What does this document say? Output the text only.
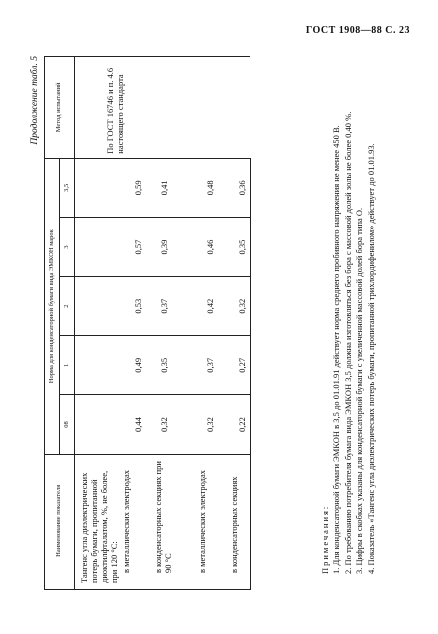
ГОСТ 1908—88 С. 23
Продолжение табл. 5
Наименование показателя	Норма для конденсаторной бумаги вида ЭМКОН марок					Метод испытаний
	08	1	2	3	3,5	

Тангенс угла диэлектрических потерь бумаги, пропитанной диоктилфталатом, %, не более, при 120 °С: в металлических электродах	0,44	0,49	0,53	0,57	0,59	По ГОСТ 16746 и п. 4.6 настоящего стандарта

в конденсаторных секциях при 90 °С	0,32	0,35	0,37	0,39	0,41	

в металлических электродах	0,32	0,37	0,42	0,46	0,48	

в конденсаторных секциях	0,22	0,27	0,32	0,35	0,36	

Примечания: 1. Для конденсаторной бумаги ЭМКОН в 3,5 до 01.01.91 действует норма среднего пробивного напряжения не менее 450 В. 2. По требованию потребителя бумага вида ЭМКОН 3,5 должна изготовляться без бора с массовой долей золы не более 0,40 %. 3. Цифры в скобках указаны для конденсаторной бумаги с увеличенной массовой долей бора типа О. 4. Показатель «Тангенс угла диэлектрических потерь бумаги, пропитанной трихлордифенилом» действует до 01.01.93.
